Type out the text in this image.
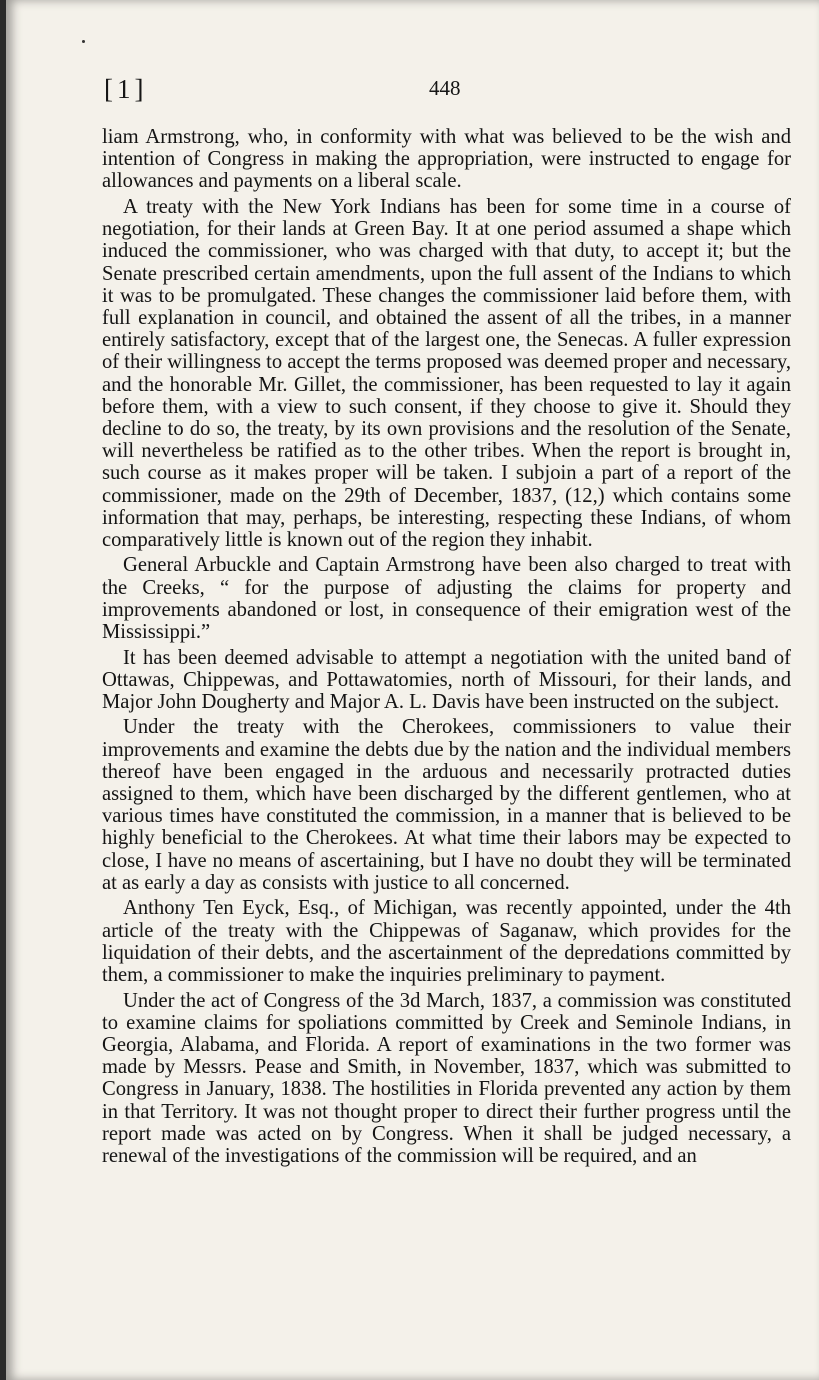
[1]	448

liam Armstrong, who, in conformity with what was believed to be the wish and intention of Congress in making the appropriation, were instructed to engage for allowances and payments on a liberal scale.

A treaty with the New York Indians has been for some time in a course of negotiation, for their lands at Green Bay. It at one period assumed a shape which induced the commissioner, who was charged with that duty, to accept it; but the Senate prescribed certain amendments, upon the full assent of the Indians to which it was to be promulgated. These changes the commissioner laid before them, with full explanation in council, and obtained the assent of all the tribes, in a manner entirely satisfactory, except that of the largest one, the Senecas. A fuller expression of their willingness to accept the terms proposed was deemed proper and necessary, and the honorable Mr. Gillet, the commissioner, has been requested to lay it again before them, with a view to such consent, if they choose to give it. Should they decline to do so, the treaty, by its own provisions and the resolution of the Senate, will nevertheless be ratified as to the other tribes. When the report is brought in, such course as it makes proper will be taken. I subjoin a part of a report of the commissioner, made on the 29th of December, 1837, (12,) which contains some information that may, perhaps, be interesting, respecting these Indians, of whom comparatively little is known out of the region they inhabit.

General Arbuckle and Captain Armstrong have been also charged to treat with the Creeks, “ for the purpose of adjusting the claims for property and improvements abandoned or lost, in consequence of their emigration west of the Mississippi.”

It has been deemed advisable to attempt a negotiation with the united band of Ottawas, Chippewas, and Pottawatomies, north of Missouri, for their lands, and Major John Dougherty and Major A. L. Davis have been instructed on the subject.

Under the treaty with the Cherokees, commissioners to value their improvements and examine the debts due by the nation and the individual members thereof have been engaged in the arduous and necessarily protracted duties assigned to them, which have been discharged by the different gentlemen, who at various times have constituted the commission, in a manner that is believed to be highly beneficial to the Cherokees. At what time their labors may be expected to close, I have no means of ascertaining, but I have no doubt they will be terminated at as early a day as consists with justice to all concerned.

Anthony Ten Eyck, Esq., of Michigan, was recently appointed, under the 4th article of the treaty with the Chippewas of Saganaw, which provides for the liquidation of their debts, and the ascertainment of the depredations committed by them, a commissioner to make the inquiries preliminary to payment.

Under the act of Congress of the 3d March, 1837, a commission was constituted to examine claims for spoliations committed by Creek and Seminole Indians, in Georgia, Alabama, and Florida. A report of examinations in the two former was made by Messrs. Pease and Smith, in November, 1837, which was submitted to Congress in January, 1838. The hostilities in Florida prevented any action by them in that Territory. It was not thought proper to direct their further progress until the report made was acted on by Congress. When it shall be judged necessary, a renewal of the investigations of the commission will be required, and an
